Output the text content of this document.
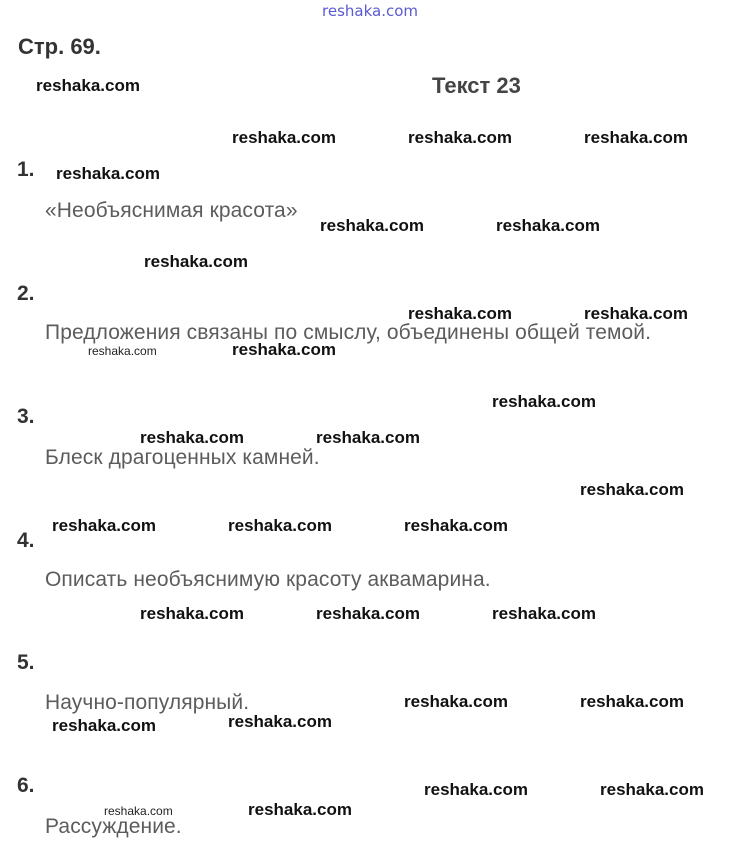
reshaka.com
Стр. 69.
Текст 23
1.
«Необъяснимая красота»
2.
Предложения связаны по смыслу, объединены общей темой.
3.
Блеск драгоценных камней.
4.
Описать необъяснимую красоту аквамарина.
5.
Научно-популярный.
6.
Рассуждение.
reshaka.com
reshaka.com	reshaka.com	reshaka.com
reshaka.com
reshaka.com	reshaka.com
reshaka.com
reshaka.com	reshaka.com
reshaka.com	reshaka.com
reshaka.com
reshaka.com	reshaka.com
reshaka.com
reshaka.com	reshaka.com	reshaka.com
reshaka.com	reshaka.com	reshaka.com
reshaka.com	reshaka.com
reshaka.com
reshaka.com
reshaka.com	reshaka.com
reshaka.com	reshaka.com
